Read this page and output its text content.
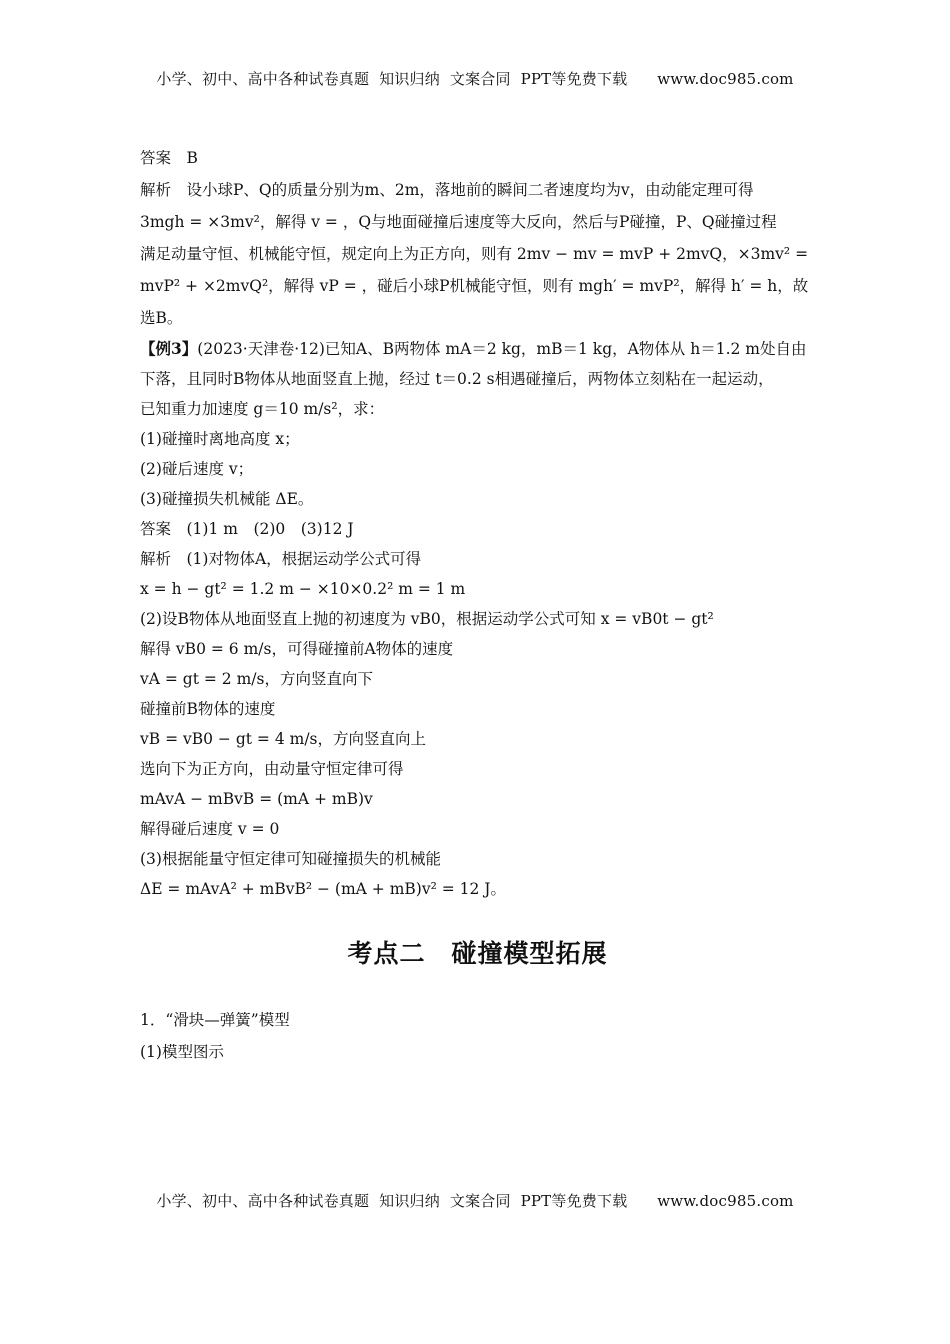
小学、初中、高中各种试卷真题  知识归纳  文案合同  PPT等免费下载      www.doc985.com
答案　B
解析　设小球P、Q的质量分别为m、2m，落地前的瞬间二者速度均为v，由动能定理可得
3mgh = ×3mv²，解得 v = ，Q与地面碰撞后速度等大反向，然后与P碰撞，P、Q碰撞过程
满足动量守恒、机械能守恒，规定向上为正方向，则有 2mv − mv = mvP + 2mvQ，×3mv² =
mvP² + ×2mvQ²，解得 vP = ，碰后小球P机械能守恒，则有 mgh′ = mvP²，解得 h′ = h，故
选B。
【例3】(2023·天津卷·12)已知A、B两物体 mA＝2 kg，mB＝1 kg，A物体从 h＝1.2 m处自由
下落，且同时B物体从地面竖直上抛，经过 t＝0.2 s相遇碰撞后，两物体立刻粘在一起运动，
已知重力加速度 g＝10 m/s²，求：
(1)碰撞时离地高度 x；
(2)碰后速度 v；
(3)碰撞损失机械能 ΔE。
答案　(1)1 m　(2)0　(3)12 J
解析　(1)对物体A，根据运动学公式可得
x = h − gt² = 1.2 m − ×10×0.2² m = 1 m
(2)设B物体从地面竖直上抛的初速度为 vB0，根据运动学公式可知 x = vB0t − gt²
解得 vB0 = 6 m/s，可得碰撞前A物体的速度
vA = gt = 2 m/s，方向竖直向下
碰撞前B物体的速度
vB = vB0 − gt = 4 m/s，方向竖直向上
选向下为正方向，由动量守恒定律可得
mAvA − mBvB = (mA + mB)v
解得碰后速度 v = 0
(3)根据能量守恒定律可知碰撞损失的机械能
ΔE = mAvA² + mBvB² − (mA + mB)v² = 12 J。
考点二　碰撞模型拓展
1．“滑块—弹簧”模型
(1)模型图示
小学、初中、高中各种试卷真题  知识归纳  文案合同  PPT等免费下载      www.doc985.com
